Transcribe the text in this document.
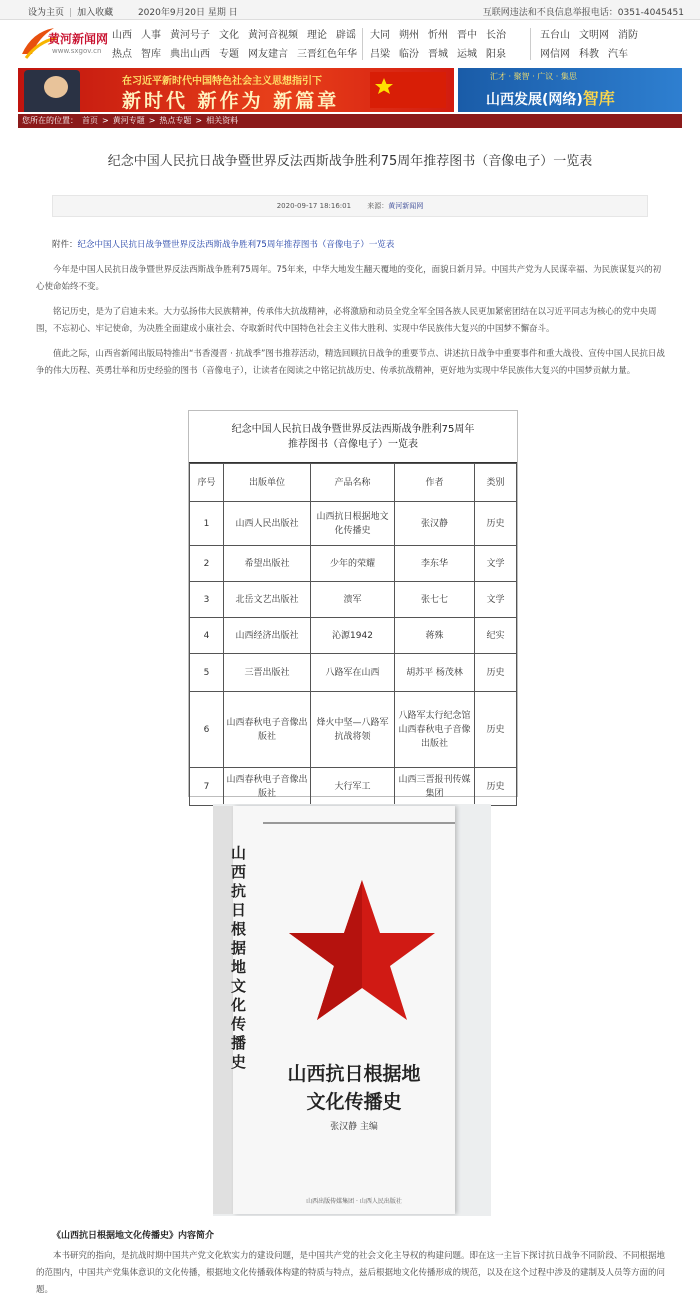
设为主页 | 加入收藏	2020年9月20日 星期 日	互联网违法和不良信息举报电话：0351-4045451
黄河新闻网
www.sxgov.cn
山西 人事 黄河号子 文化 黄河音视频 理论 辟谣
热点 智库 典出山西 专题 网友建言 三晋红色年华
大同 朔州 忻州 晋中 长治
吕梁 临汾 晋城 运城 阳泉
五台山 文明网 消防
网信网 科教 汽车
在习近平新时代中国特色社会主义思想指引下
新时代 新作为 新篇章
汇才 · 聚智 · 广议 · 集思
山西发展(网络)智库
您所在的位置： 首页 > 黄河专题 > 热点专题 > 相关资料
纪念中国人民抗日战争暨世界反法西斯战争胜利75周年推荐图书（音像电子）一览表
2020-09-17 18:16:01 来源：黄河新闻网
附件：纪念中国人民抗日战争暨世界反法西斯战争胜利75周年推荐图书（音像电子）一览表

今年是中国人民抗日战争暨世界反法西斯战争胜利75周年。75年来，中华大地发生翻天覆地的变化，面貌日新月异。中国共产党为人民谋幸福、为民族谋复兴的初心使命始终不变。

铭记历史，是为了启迪未来。大力弘扬伟大民族精神，传承伟大抗战精神，必将激励和动员全党全军全国各族人民更加紧密团结在以习近平同志为核心的党中央周围，不忘初心、牢记使命，为决胜全面建成小康社会、夺取新时代中国特色社会主义伟大胜利、实现中华民族伟大复兴的中国梦不懈奋斗。

值此之际，山西省新闻出版局特推出“书香漫晋 · 抗战季”图书推荐活动，精选回顾抗日战争的重要节点、讲述抗日战争中重要事件和重大战役、宣传中国人民抗日战争的伟大历程、英勇壮举和历史经验的图书（音像电子），让读者在阅读之中铭记抗战历史、传承抗战精神，更好地为实现中华民族伟大复兴的中国梦贡献力量。

纪念中国人民抗日战争暨世界反法西斯战争胜利75周年
推荐图书（音像电子）一览表
序号	出版单位	产品名称	作者	类别
1	山西人民出版社	山西抗日根据地文化传播史	张汉静	历史
2	希望出版社	少年的荣耀	李东华	文学
3	北岳文艺出版社	溃军	张七七	文学
4	山西经济出版社	沁源1942	蒋殊	纪实
5	三晋出版社	八路军在山西	胡苏平 杨茂林	历史
6	山西春秋电子音像出版社	烽火中坚—八路军抗战将领	八路军太行纪念馆 山西春秋电子音像出版社	历史
7	山西春秋电子音像出版社	大行军工	山西三晋报刊传媒集团	历史
山西抗日根据地文化传播史
山西抗日根据地
文化传播史
张汉静 主编
山西出版传媒集团 · 山西人民出版社
《山西抗日根据地文化传播史》内容简介

本书研究的指向，是抗战时期中国共产党文化软实力的建设问题，是中国共产党的社会文化主导权的构建问题。即在这一主旨下探讨抗日战争不同阶段、不同根据地的范围内，中国共产党集体意识的文化传播，根据地文化传播载体构建的特质与特点，兹后根据地文化传播形成的规范，以及在这个过程中涉及的建制及人员等方面的问题。
